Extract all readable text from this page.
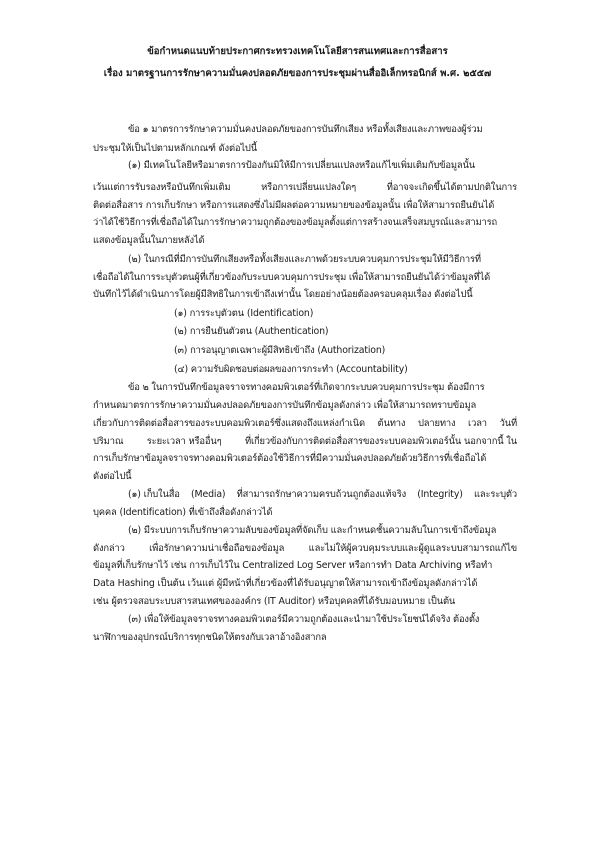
ข้อกำหนดแนบท้ายประกาศกระทรวงเทคโนโลยีสารสนเทศและการสื่อสาร
เรื่อง มาตรฐานการรักษาความมั่นคงปลอดภัยของการประชุมผ่านสื่ออิเล็กทรอนิกส์ พ.ศ. ๒๕๕๗
ข้อ ๑ มาตรการรักษาความมั่นคงปลอดภัยของการบันทึกเสียง หรือทั้งเสียงและภาพของผู้ร่วม
ประชุมให้เป็นไปตามหลักเกณฑ์ ดังต่อไปนี้
(๑) มีเทคโนโลยีหรือมาตรการป้องกันมิให้มีการเปลี่ยนแปลงหรือแก้ไขเพิ่มเติมกับข้อมูลนั้น
เว้นแต่การรับรองหรือบันทึกเพิ่มเติม	หรือการเปลี่ยนแปลงใดๆ	ที่อาจจะเกิดขึ้นได้ตามปกติในการ
ติดต่อสื่อสาร การเก็บรักษา หรือการแสดงซึ่งไม่มีผลต่อความหมายของข้อมูลนั้น เพื่อให้สามารถยืนยันได้
ว่าได้ใช้วิธีการที่เชื่อถือได้ในการรักษาความถูกต้องของข้อมูลตั้งแต่การสร้างจนเสร็จสมบูรณ์และสามารถ
แสดงข้อมูลนั้นในภายหลังได้
(๒) ในกรณีที่มีการบันทึกเสียงหรือทั้งเสียงและภาพด้วยระบบควบคุมการประชุมให้มีวิธีการที่
เชื่อถือได้ในการระบุตัวตนผู้ที่เกี่ยวข้องกับระบบควบคุมการประชุม เพื่อให้สามารถยืนยันได้ว่าข้อมูลที่ได้
บันทึกไว้ได้ดำเนินการโดยผู้มีสิทธิในการเข้าถึงเท่านั้น โดยอย่างน้อยต้องครอบคลุมเรื่อง ดังต่อไปนี้
(๑) การระบุตัวตน (Identification)
(๒) การยืนยันตัวตน (Authentication)
(๓) การอนุญาตเฉพาะผู้มีสิทธิเข้าถึง (Authorization)
(๔) ความรับผิดชอบต่อผลของการกระทำ (Accountability)
ข้อ ๒ ในการบันทึกข้อมูลจราจรทางคอมพิวเตอร์ที่เกิดจากระบบควบคุมการประชุม ต้องมีการ
กำหนดมาตรการรักษาความมั่นคงปลอดภัยของการบันทึกข้อมูลดังกล่าว เพื่อให้สามารถทราบข้อมูล
เกี่ยวกับการติดต่อสื่อสารของระบบคอมพิวเตอร์ซึ่งแสดงถึงแหล่งกำเนิด ต้นทาง ปลายทาง เวลา วันที่
ปริมาณ ระยะเวลา หรืออื่นๆ ที่เกี่ยวข้องกับการติดต่อสื่อสารของระบบคอมพิวเตอร์นั้น นอกจากนี้ ใน
การเก็บรักษาข้อมูลจราจรทางคอมพิวเตอร์ต้องใช้วิธีการที่มีความมั่นคงปลอดภัยด้วยวิธีการที่เชื่อถือได้
ดังต่อไปนี้
(๑) เก็บในสื่อ (Media) ที่สามารถรักษาความครบถ้วนถูกต้องแท้จริง (Integrity) และระบุตัว
บุคคล (Identification) ที่เข้าถึงสื่อดังกล่าวได้
(๒) มีระบบการเก็บรักษาความลับของข้อมูลที่จัดเก็บ และกำหนดชั้นความลับในการเข้าถึงข้อมูล
ดังกล่าว	เพื่อรักษาความน่าเชื่อถือของข้อมูล	และไม่ให้ผู้ควบคุมระบบและผู้ดูแลระบบสามารถแก้ไข
ข้อมูลที่เก็บรักษาไว้ เช่น การเก็บไว้ใน Centralized Log Server หรือการทำ Data Archiving หรือทำ
Data Hashing เป็นต้น เว้นแต่ ผู้มีหน้าที่เกี่ยวข้องที่ได้รับอนุญาตให้สามารถเข้าถึงข้อมูลดังกล่าวได้
เช่น ผู้ตรวจสอบระบบสารสนเทศขององค์กร (IT Auditor) หรือบุคคลที่ได้รับมอบหมาย เป็นต้น
(๓) เพื่อให้ข้อมูลจราจรทางคอมพิวเตอร์มีความถูกต้องและนำมาใช้ประโยชน์ได้จริง ต้องตั้ง
นาฬิกาของอุปกรณ์บริการทุกชนิดให้ตรงกับเวลาอ้างอิงสากล
